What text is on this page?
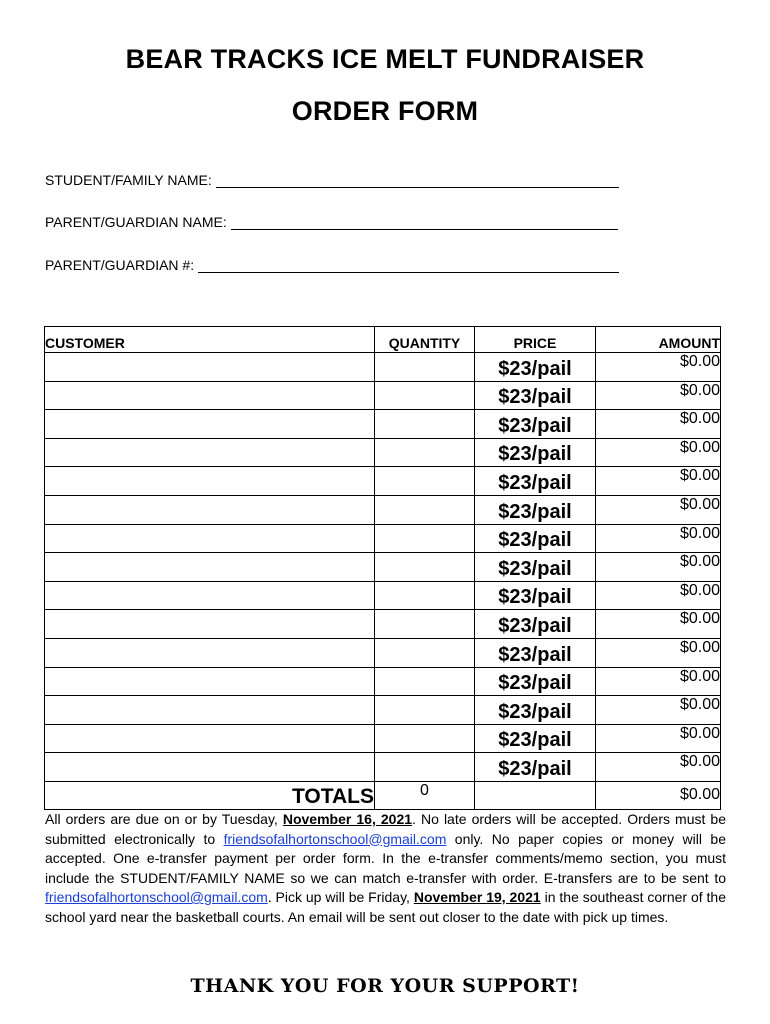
BEAR TRACKS ICE MELT FUNDRAISER
ORDER FORM
STUDENT/FAMILY NAME:
PARENT/GUARDIAN NAME:
PARENT/GUARDIAN #:
CUSTOMER	QUANTITY	PRICE	AMOUNT
		$23/pail	$0.00
		$23/pail	$0.00
		$23/pail	$0.00
		$23/pail	$0.00
		$23/pail	$0.00
		$23/pail	$0.00
		$23/pail	$0.00
		$23/pail	$0.00
		$23/pail	$0.00
		$23/pail	$0.00
		$23/pail	$0.00
		$23/pail	$0.00
		$23/pail	$0.00
		$23/pail	$0.00
		$23/pail	$0.00
TOTALS	0		$0.00
All orders are due on or by Tuesday, November 16, 2021. No late orders will be accepted. Orders must be submitted electronically to friendsofalhortonschool@gmail.com only. No paper copies or money will be accepted. One e-transfer payment per order form. In the e-transfer comments/memo section, you must include the STUDENT/FAMILY NAME so we can match e-transfer with order. E-transfers are to be sent to friendsofalhortonschool@gmail.com. Pick up will be Friday, November 19, 2021 in the southeast corner of the school yard near the basketball courts. An email will be sent out closer to the date with pick up times.
THANK YOU FOR YOUR SUPPORT!
